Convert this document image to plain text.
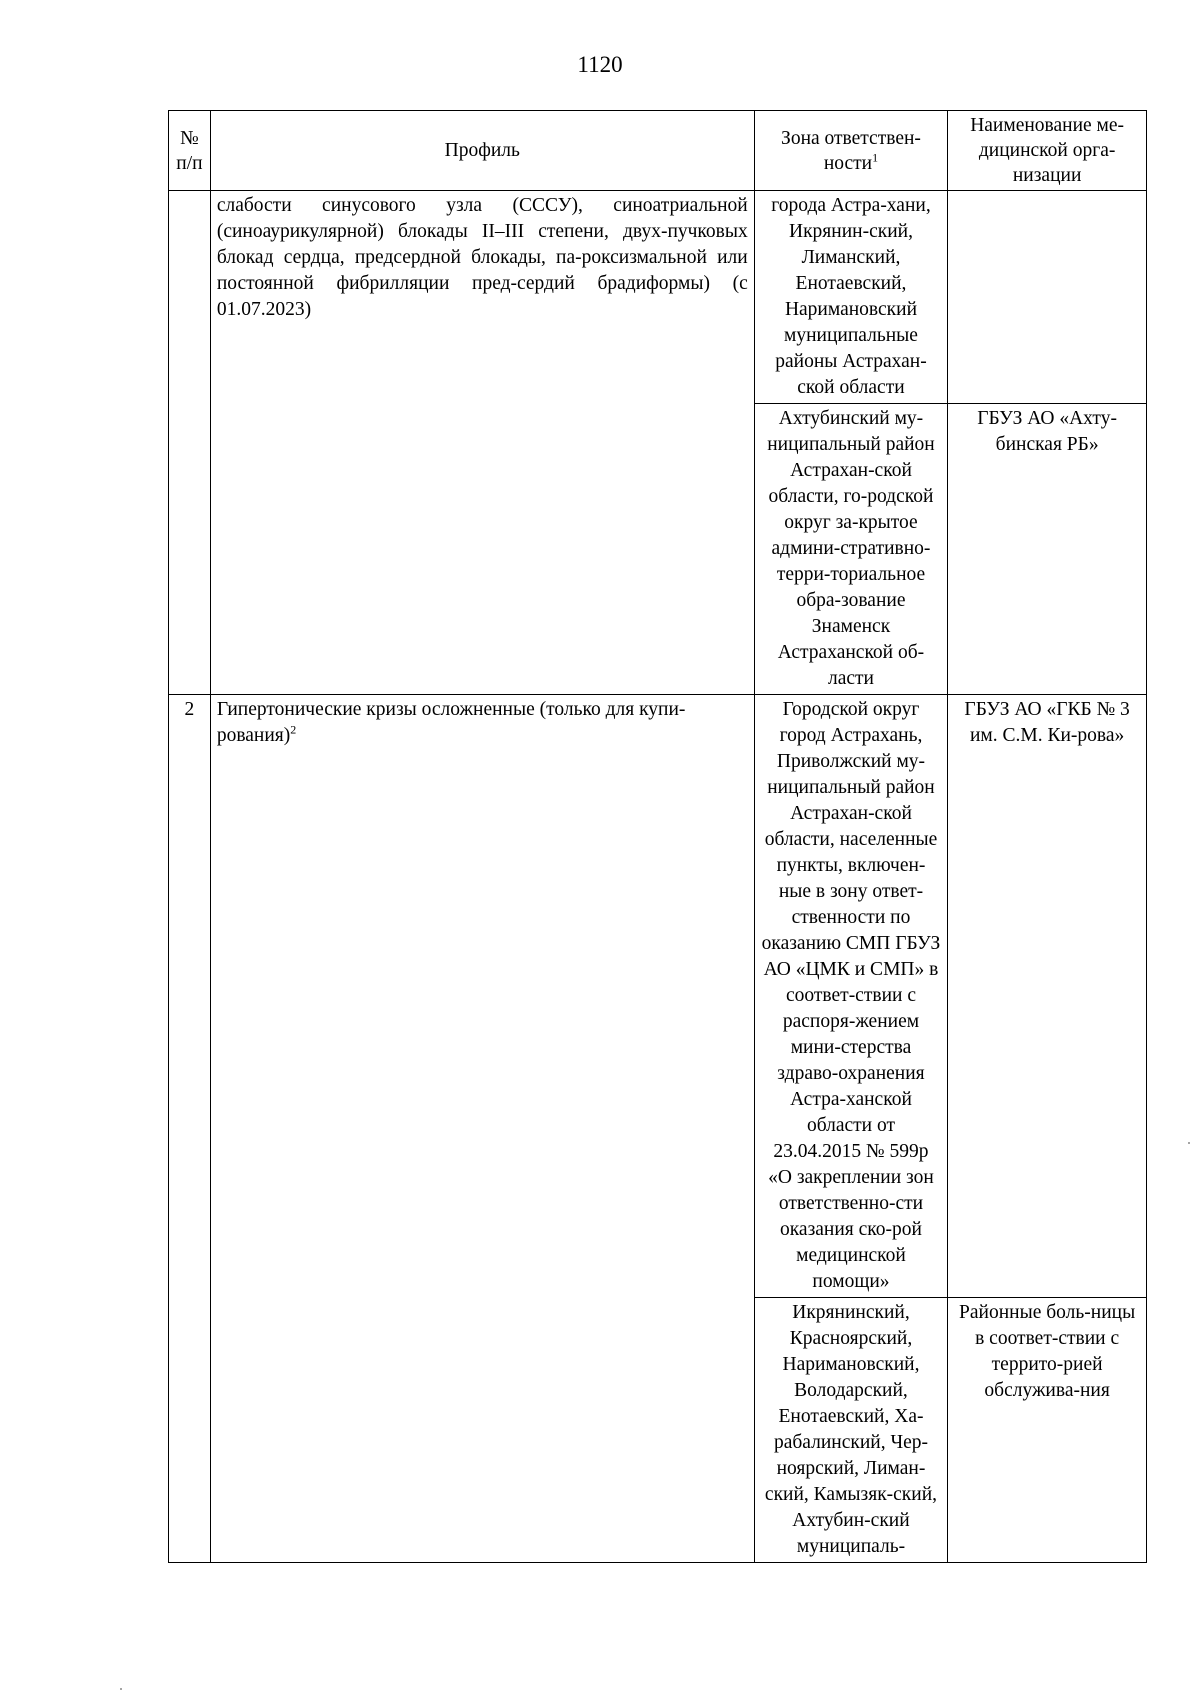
1120
№ п/п	Профиль	Зона ответствен-ности$^1$	Наименование ме-дицинской орга-низации
	слабости синусового узла (СССУ), синоатриальной (синоаурикулярной) блокады II–III степени, двух-пучковых блокад сердца, предсердной блокады, па-роксизмальной или постоянной фибрилляции пред-сердий брадиформы) (с 01.07.2023)	города Астра-хани, Икрянин-ский, Лиманский, Енотаевский, Наримановский муниципальные районы Астрахан-ской области	
		Ахтубинский му-ниципальный район Астрахан-ской области, го-родской округ за-крытое админи-стративно-терри-ториальное обра-зование Знаменск Астраханской об-ласти	ГБУЗ АО «Ахту-бинская РБ»
2	Гипертонические кризы осложненные (только для купи-рования)$^2$	Городской округ город Астрахань, Приволжский му-ниципальный район Астрахан-ской области, населенные пункты, включен-ные в зону ответ-ственности по оказанию СМП ГБУЗ АО «ЦМК и СМП» в соответ-ствии с распоря-жением мини-стерства здраво-охранения Астра-ханской области от 23.04.2015 № 599р «О закреплении зон ответственно-сти оказания ско-рой медицинской помощи»	ГБУЗ АО «ГКБ № 3 им. С.М. Ки-рова»
		Икрянинский, Красноярский, Наримановский, Володарский, Енотаевский, Ха-рабалинский, Чер-ноярский, Лиман-ский, Камызяк-ский, Ахтубин-ский муниципаль-	Районные боль-ницы в соответ-ствии с террито-рией обслужива-ния
